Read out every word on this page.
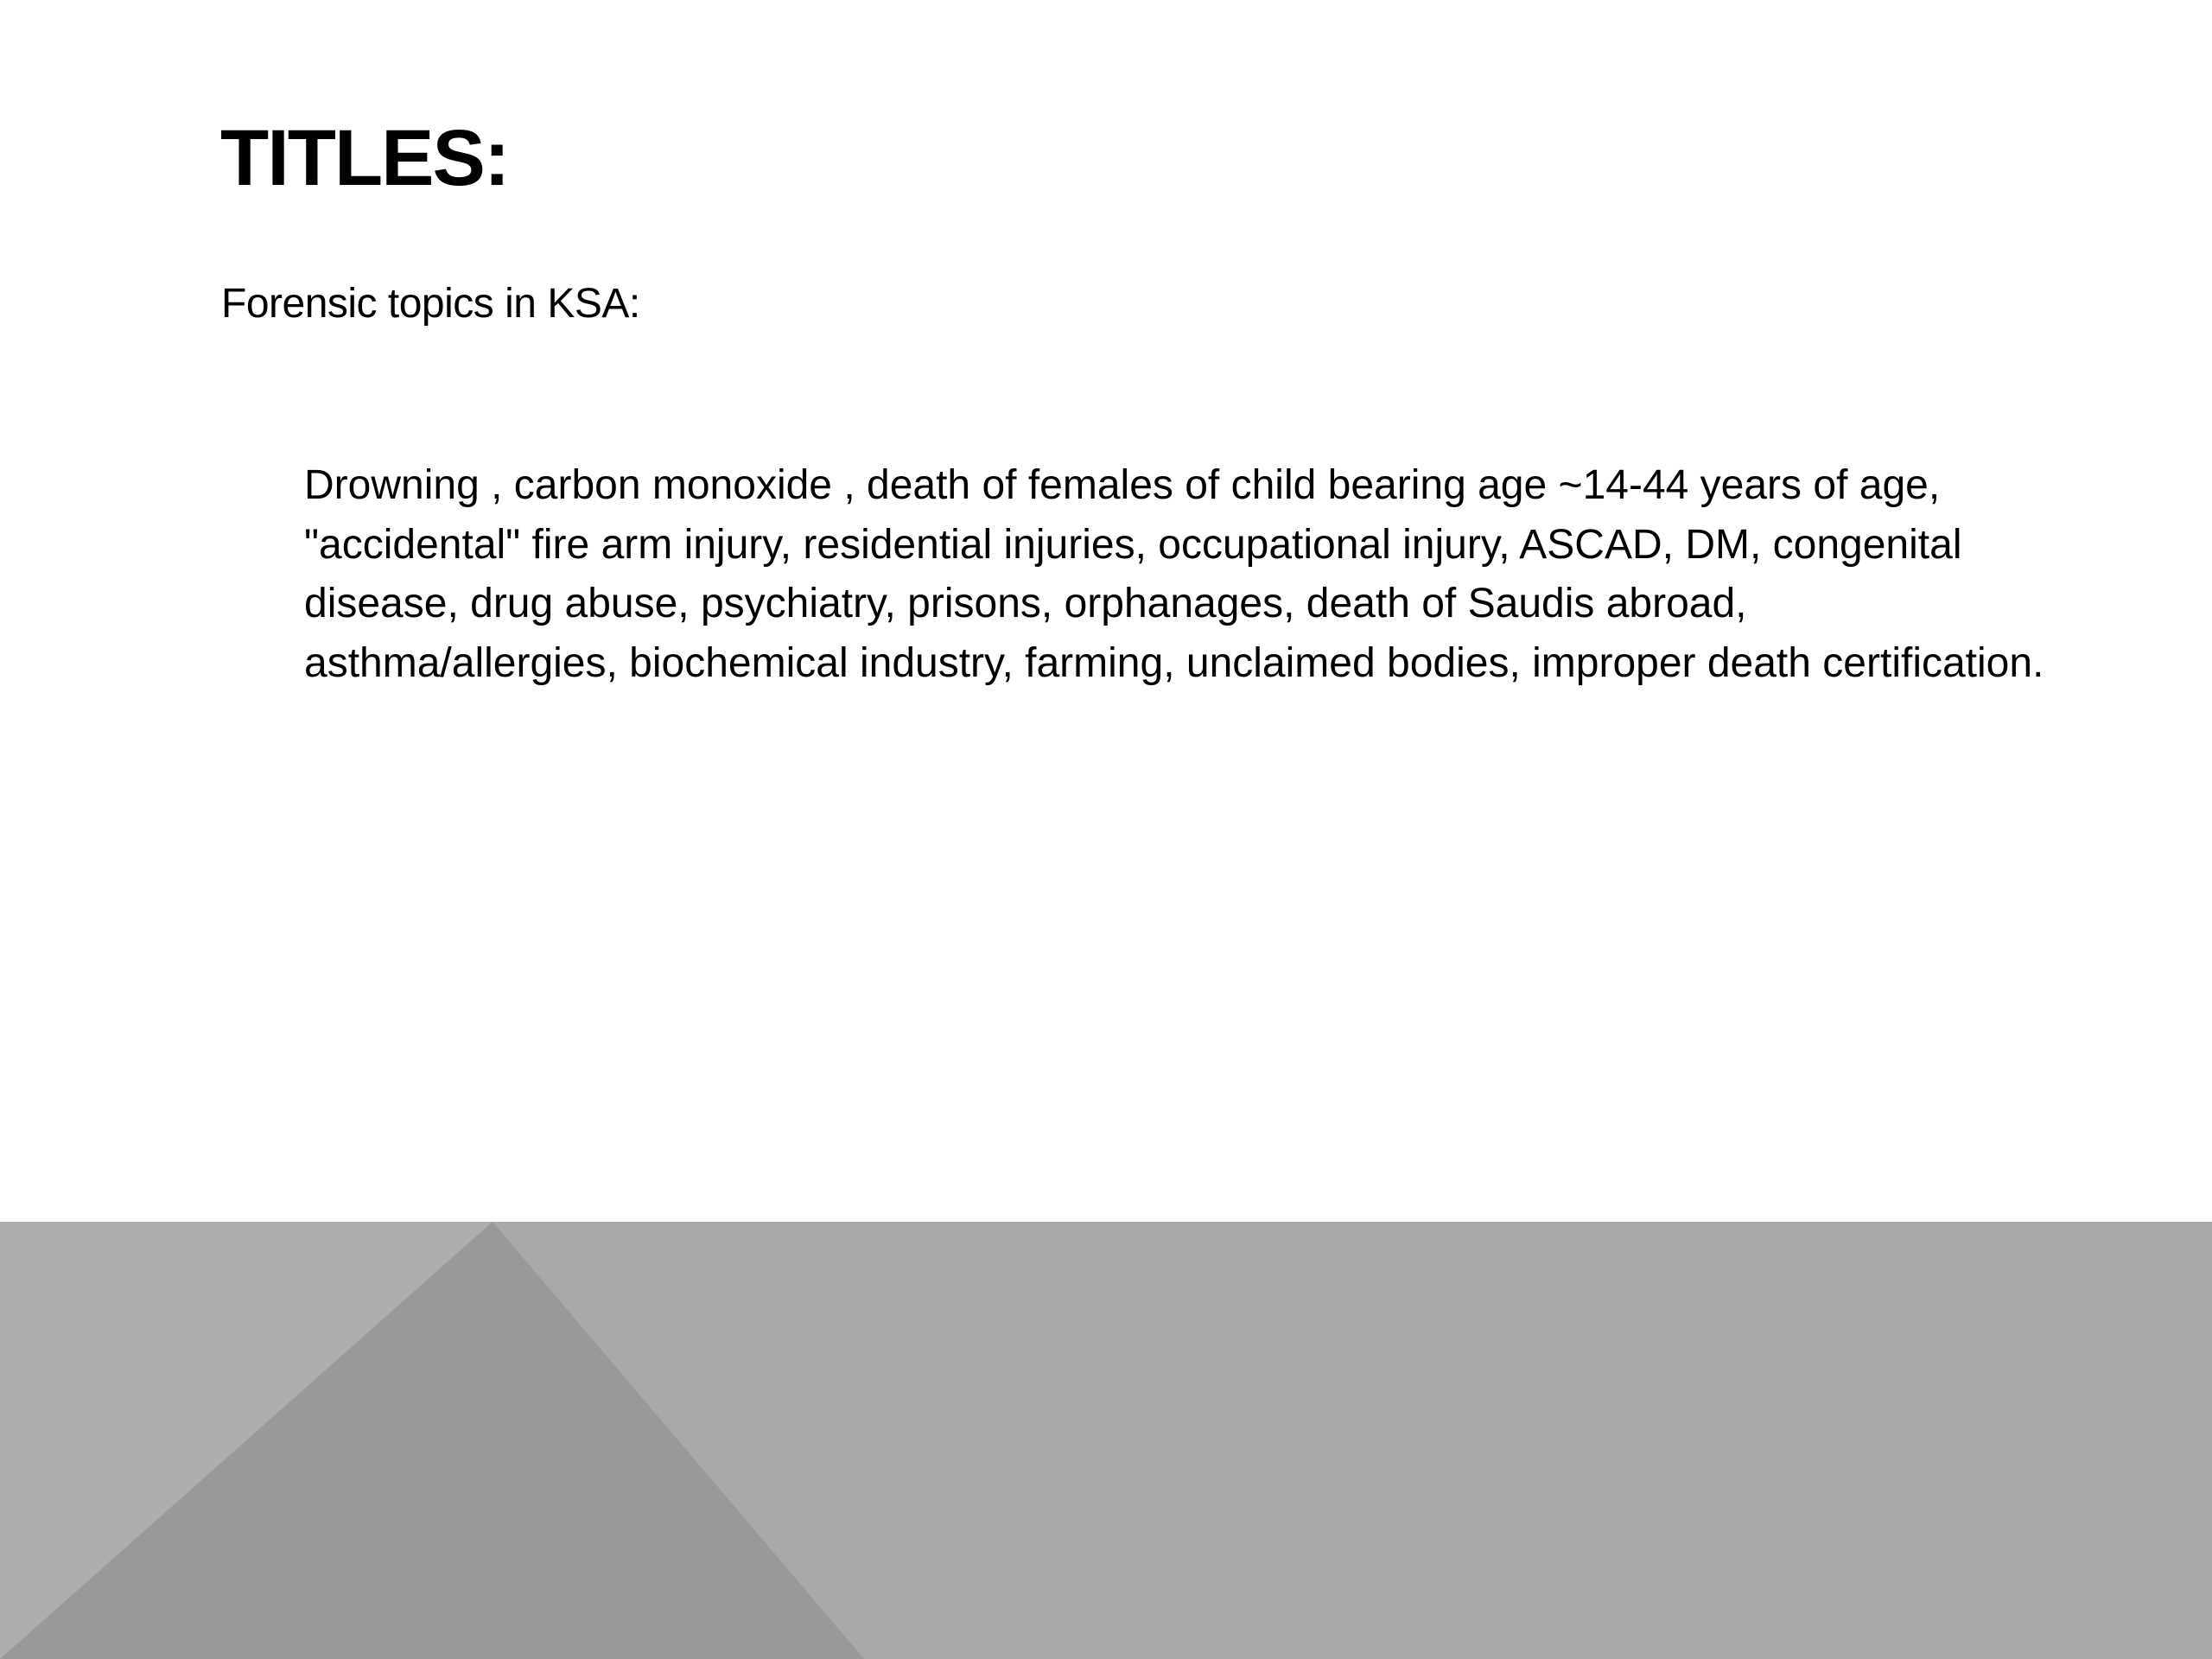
TITLES:

Forensic topics in KSA:

Drowning , carbon monoxide , death of females of child bearing age ~14-44 years of age, "accidental" fire arm injury, residential injuries, occupational injury, ASCAD, DM, congenital disease, drug abuse, psychiatry, prisons, orphanages, death of Saudis abroad, asthma/allergies, biochemical industry, farming, unclaimed bodies, improper death certification.
